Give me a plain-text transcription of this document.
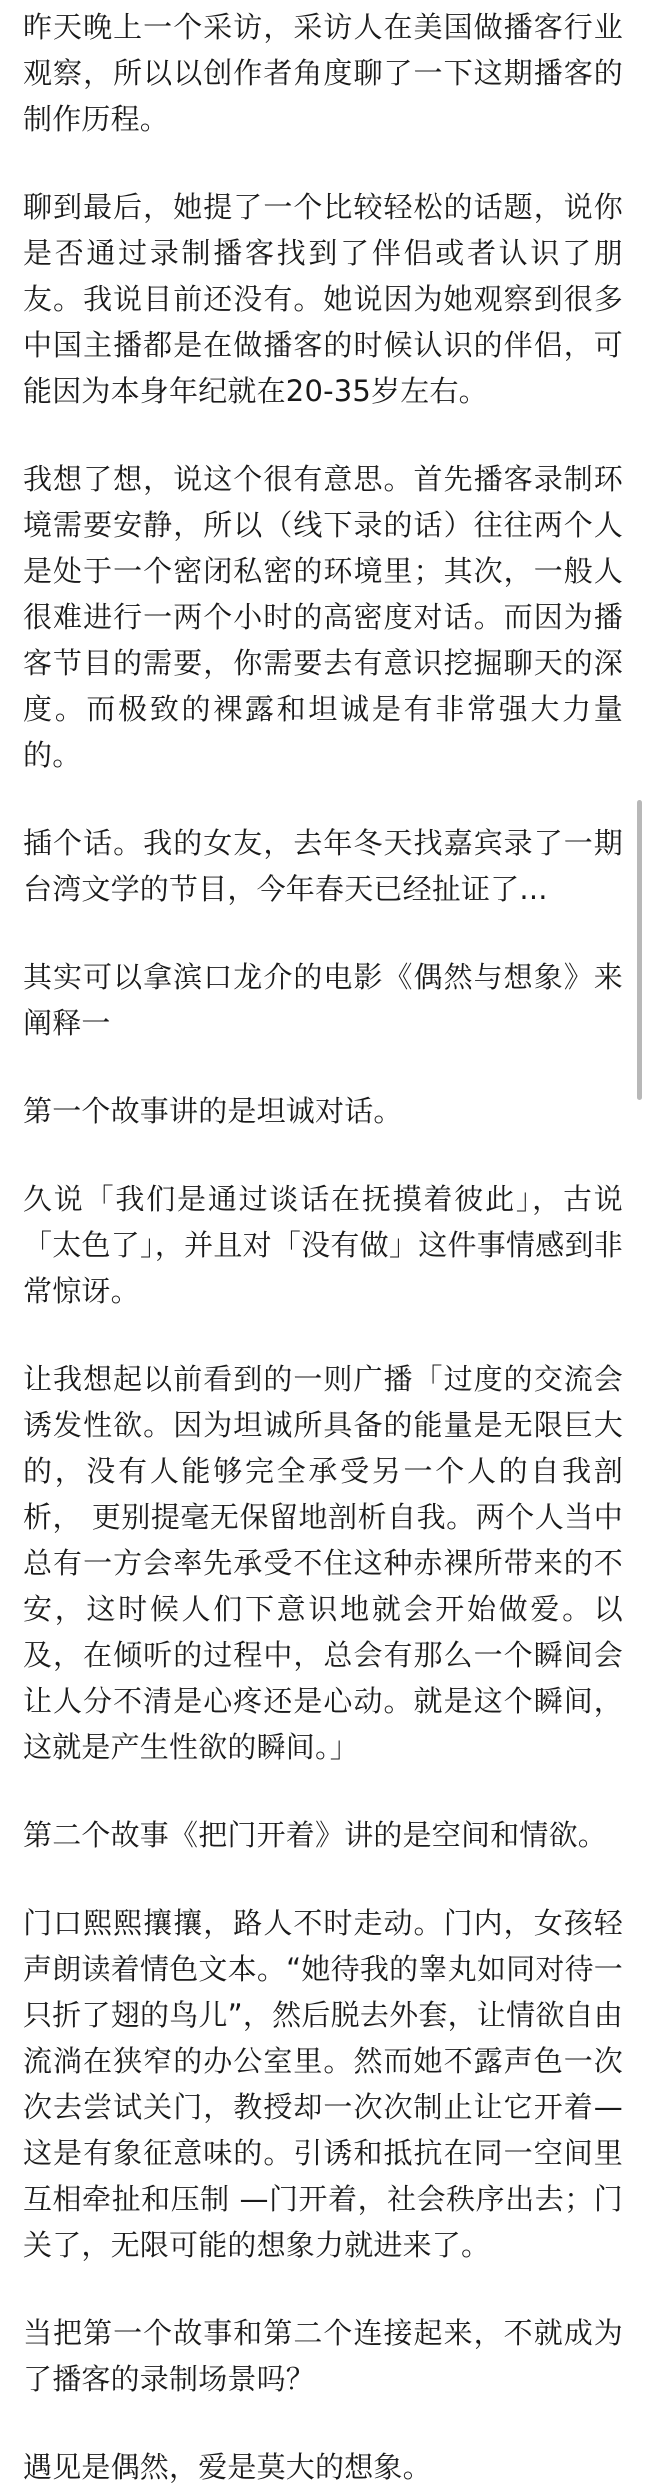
昨天晚上一个采访，采访人在美国做播客行业观察，所以以创作者角度聊了一下这期播客的制作历程。

聊到最后，她提了一个比较轻松的话题，说你是否通过录制播客找到了伴侣或者认识了朋友。我说目前还没有。她说因为她观察到很多中国主播都是在做播客的时候认识的伴侣，可能因为本身年纪就在20-35岁左右。

我想了想，说这个很有意思。首先播客录制环境需要安静，所以（线下录的话）往往两个人是处于一个密闭私密的环境里；其次，一般人很难进行一两个小时的高密度对话。而因为播客节目的需要，你需要去有意识挖掘聊天的深度。而极致的裸露和坦诚是有非常强大力量的。

插个话。我的女友，去年冬天找嘉宾录了一期台湾文学的节目，今年春天已经扯证了...

其实可以拿滨口龙介的电影《偶然与想象》来阐释一

第一个故事讲的是坦诚对话。

久说「我们是通过谈话在抚摸着彼此」，古说「太色了」，并且对「没有做」这件事情感到非常惊讶。

让我想起以前看到的一则广播「过度的交流会诱发性欲。因为坦诚所具备的能量是无限巨大的，没有人能够完全承受另一个人的自我剖析， 更别提毫无保留地剖析自我。两个人当中总有一方会率先承受不住这种赤裸所带来的不安，这时候人们下意识地就会开始做爱。以及，在倾听的过程中，总会有那么一个瞬间会让人分不清是心疼还是心动。就是这个瞬间，这就是产生性欲的瞬间。」

第二个故事《把门开着》讲的是空间和情欲。

门口熙熙攘攘，路人不时走动。门内，女孩轻声朗读着情色文本。“她待我的睾丸如同对待一只折了翅的鸟儿”，然后脱去外套，让情欲自由流淌在狭窄的办公室里。然而她不露声色一次次去尝试关门，教授却一次次制止让它开着—这是有象征意味的。引诱和抵抗在同一空间里互相牵扯和压制 —门开着，社会秩序出去；门关了，无限可能的想象力就进来了。

当把第一个故事和第二个连接起来，不就成为了播客的录制场景吗？

遇见是偶然，爱是莫大的想象。
